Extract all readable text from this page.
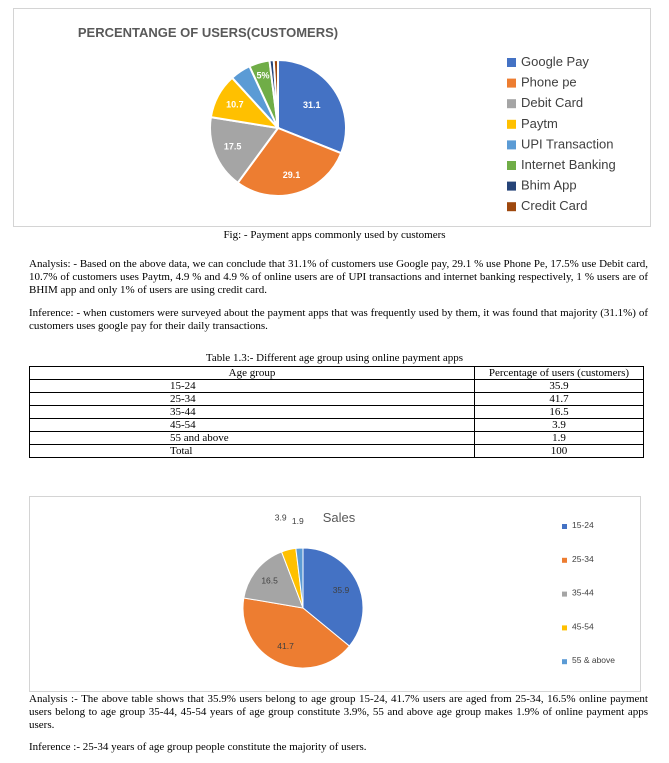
PERCENTANGE OF USERS(CUSTOMERS)
31.1
29.1
17.5
10.7
5%
Google Pay
Phone pe
Debit Card
Paytm
UPI Transaction
Internet Banking
Bhim App
Credit Card
Fig: - Payment apps commonly used by customers
Analysis: - Based on the above data, we can conclude that 31.1% of customers use Google pay, 29.1 % use Phone Pe, 17.5% use Debit card, 10.7% of customers uses Paytm, 4.9 % and 4.9 % of online users are of UPI transactions and internet banking respectively, 1 % users are of BHIM app and only 1% of users are using credit card.
Inference: - when customers were surveyed about the payment apps that was frequently used by them, it was found that majority (31.1%) of customers uses google pay for their daily transactions.
Table 1.3:- Different age group using online payment apps
Age group	Percentage of users (customers)
15-24	35.9
25-34	41.7
35-44	16.5
45-54	3.9
55 and above	1.9
Total	100
Sales
35.9
41.7
16.5
3.9 1.9	15-24
25-34
35-44
45-54
55 & above
Analysis :- The above table shows that 35.9% users belong to age group 15-24, 41.7% users are aged from 25-34, 16.5% online payment users belong to age group 35-44, 45-54 years of age group constitute 3.9%, 55 and above age group makes 1.9% of online payment apps users.
Inference :- 25-34 years of age group people constitute the majority of users.
